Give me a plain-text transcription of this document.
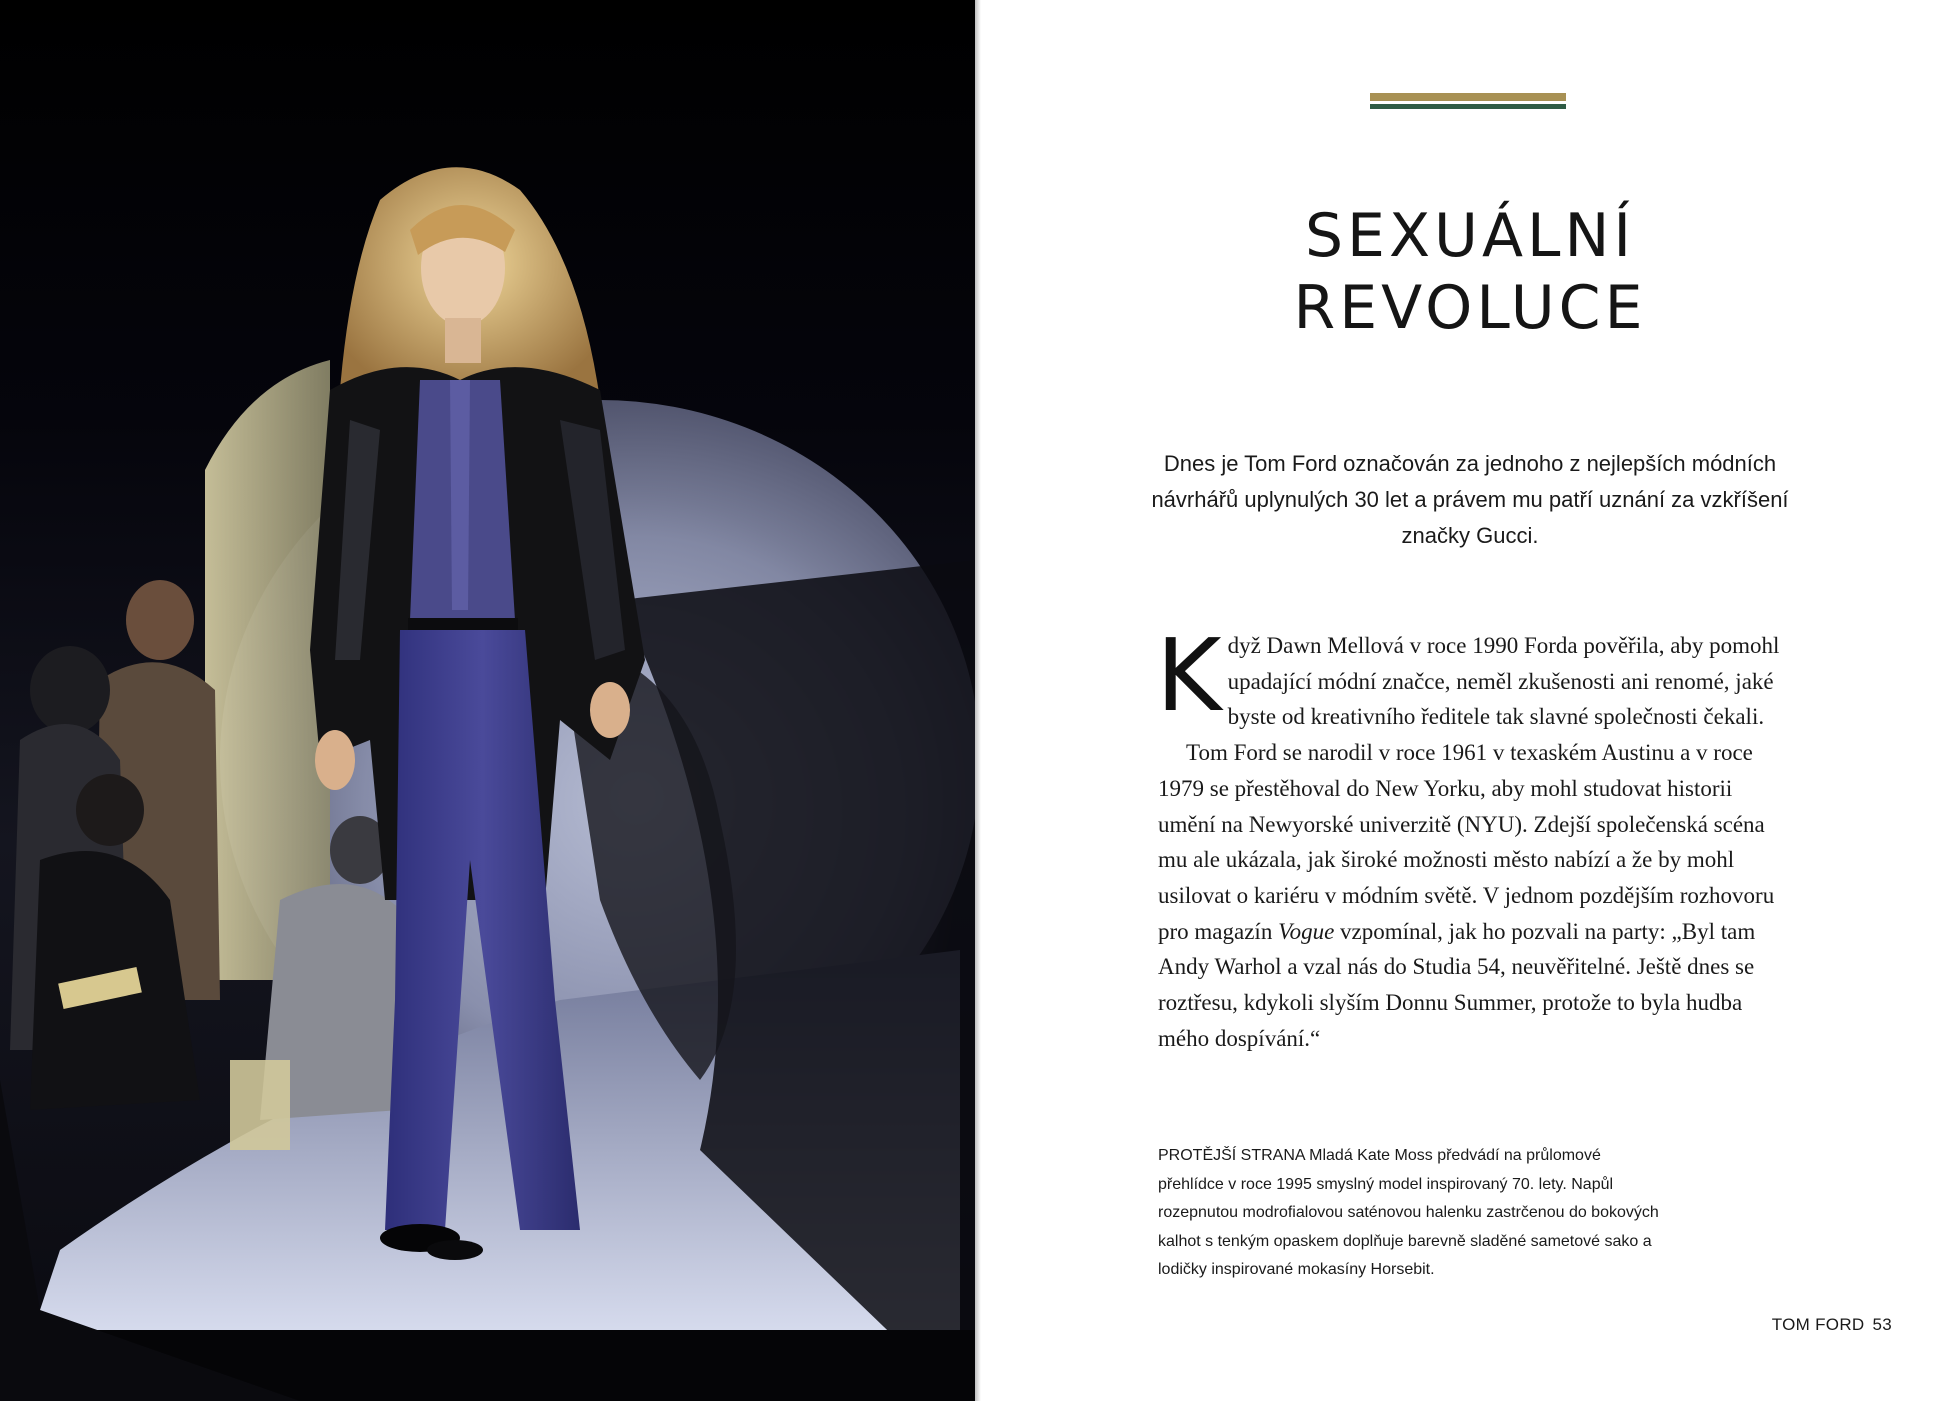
SEXUÁLNÍ
REVOLUCE

Dnes je Tom Ford označován za jednoho z nejlepších módních návrhářů uplynulých 30 let a právem mu patří uznání za vzkříšení značky Gucci.

Když Dawn Mellová v roce 1990 Forda pověřila, aby pomohl upadající módní značce, neměl zkušenosti ani renomé, jaké byste od kreativního ředitele tak slavné společnosti čekali.

Tom Ford se narodil v roce 1961 v texaském Austinu a v roce 1979 se přestěhoval do New Yorku, aby mohl studovat historii umění na Newyorské univerzitě (NYU). Zdejší společenská scéna mu ale ukázala, jak široké možnosti město nabízí a že by mohl usilovat o kariéru v módním světě. V jednom pozdějším rozhovoru pro magazín Vogue vzpomínal, jak ho pozvali na party: „Byl tam Andy Warhol a vzal nás do Studia 54, neuvěřitelné. Ještě dnes se roztřesu, kdykoli slyším Donnu Summer, protože to byla hudba mého dospívání.“

PROTĚJŠÍ STRANA Mladá Kate Moss předvádí na průlomové přehlídce v roce 1995 smyslný model inspirovaný 70. lety. Napůl rozepnutou modrofialovou saténovou halenku zastrčenou do bokových kalhot s tenkým opaskem doplňuje barevně sladěné sametové sako a lodičky inspirované mokasíny Horsebit.

TOM FORD 53
